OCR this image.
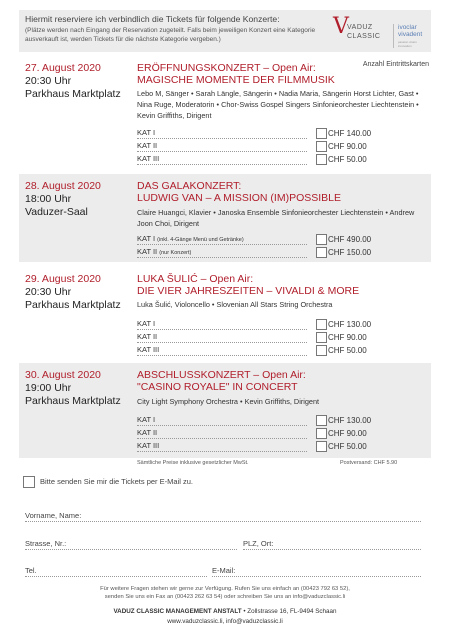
Hiermit reserviere ich verbindlich die Tickets für folgende Konzerte:
(Plätze werden nach Eingang der Reservation zugeteilt. Falls beim jeweiligen Konzert eine Kategorie ausverkauft ist, werden Tickets für die nächste Kategorie vergeben.)
V
VADUZ
CLASSIC
ivoclar
vivadent
passion vision innovation
Anzahl Eintrittskarten
27. August 2020
20:30 Uhr
Parkhaus Marktplatz
ERÖFFNUNGSKONZERT – Open Air:
MAGISCHE MOMENTE DER FILMMUSIK
Lebo M, Sänger • Sarah Längle, Sängerin • Nadia Maria, Sängerin Horst Lichter, Gast • Nina Ruge, Moderatorin • Chor-Swiss Gospel Singers Sinfonieorchester Liechtenstein • Kevin Griffiths, Dirigent
KAT I	CHF 140.00
KAT II	CHF 90.00
KAT III	CHF 50.00
28. August 2020
18:00 Uhr
Vaduzer-Saal
DAS GALAKONZERT:
LUDWIG VAN – A MISSION (IM)POSSIBLE
Claire Huangci, Klavier • Janoska Ensemble Sinfonieorchester Liechtenstein • Andrew Joon Choi, Dirigent
KAT I (inkl. 4-Gänge Menü und Getränke)	CHF 490.00
KAT II (nur Konzert)	CHF 150.00
29. August 2020
20:30 Uhr
Parkhaus Marktplatz
LUKA ŠULIĆ – Open Air:
DIE VIER JAHRESZEITEN – VIVALDI & MORE
Luka Šulić, Violoncello • Slovenian All Stars String Orchestra
KAT I	CHF 130.00
KAT II	CHF 90.00
KAT III	CHF 50.00
30. August 2020
19:00 Uhr
Parkhaus Marktplatz
ABSCHLUSSKONZERT – Open Air:
"CASINO ROYALE" IN CONCERT
City Light Symphony Orchestra • Kevin Griffiths, Dirigent
KAT I	CHF 130.00
KAT II	CHF 90.00
KAT III	CHF 50.00
Sämtliche Preise inklusive gesetzlicher MwSt.	Postversand: CHF 5.90
Bitte senden Sie mir die Tickets per E-Mail zu.
Vorname, Name:
Strasse, Nr.:	PLZ, Ort:
Tel.	E-Mail:
Für weitere Fragen stehen wir gerne zur Verfügung. Rufen Sie uns einfach an (00423 792 63 52),
senden Sie uns ein Fax an (00423 262 63 54) oder schreiben Sie uns an info@vaduzclassic.li
VADUZ CLASSIC MANAGEMENT ANSTALT • Zollstrasse 16, FL-9494 Schaan
www.vaduzclassic.li, info@vaduzclassic.li
